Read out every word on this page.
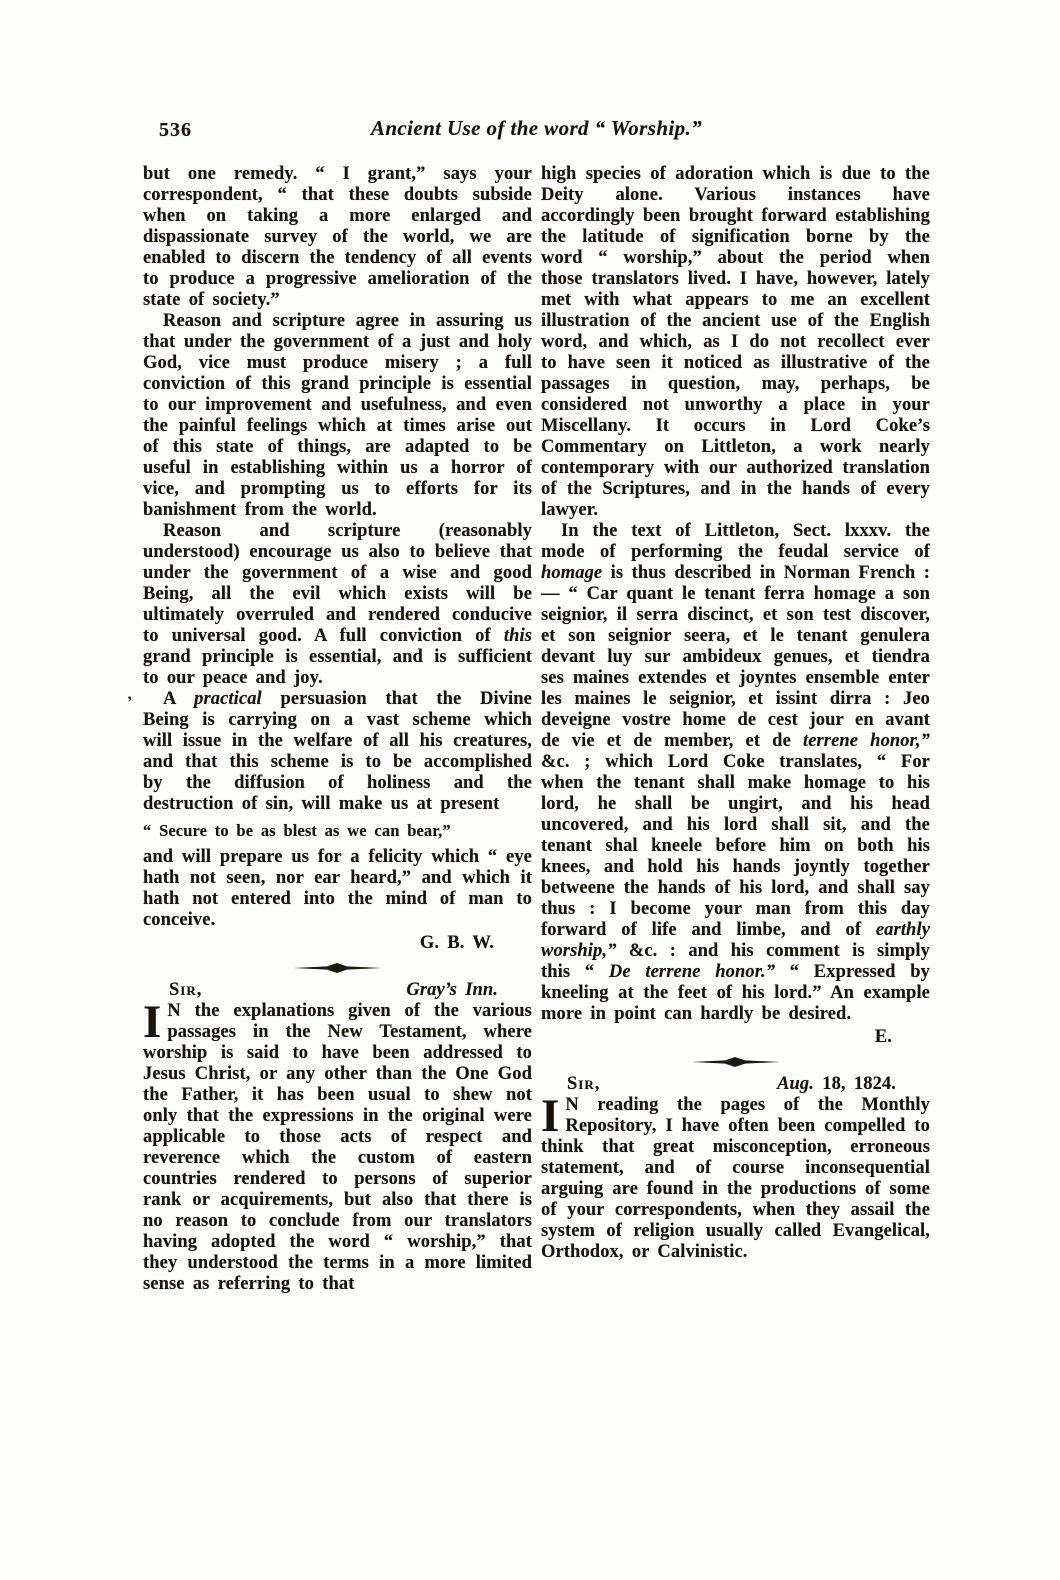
’
536	Ancient Use of the word “ Worship.”

but one remedy. “ I grant,” says your correspondent, “ that these doubts subside when on taking a more enlarged and dispassionate survey of the world, we are enabled to discern the tendency of all events to produce a progressive amelioration of the state of society.”

Reason and scripture agree in assuring us that under the government of a just and holy God, vice must produce misery ; a full conviction of this grand principle is essential to our improvement and usefulness, and even the painful feelings which at times arise out of this state of things, are adapted to be useful in establishing within us a horror of vice, and prompting us to efforts for its banishment from the world.

Reason and scripture (reasonably understood) encourage us also to believe that under the government of a wise and good Being, all the evil which exists will be ultimately overruled and rendered conducive to universal good. A full conviction of this grand principle is essential, and is sufficient to our peace and joy.

A practical persuasion that the Divine Being is carrying on a vast scheme which will issue in the welfare of all his creatures, and that this scheme is to be accomplished by the diffusion of holiness and the destruction of sin, will make us at present

“ Secure to be as blest as we can bear,”

and will prepare us for a felicity which “ eye hath not seen, nor ear heard,” and which it hath not entered into the mind of man to conceive.

G. B. W.
Sir,	Gray’s Inn.

I N the explanations given of the various passages in the New Testament, where worship is said to have been addressed to Jesus Christ, or any other than the One God the Father, it has been usual to shew not only that the expressions in the original were applicable to those acts of respect and reverence which the custom of eastern countries rendered to persons of superior rank or acquirements, but also that there is no reason to conclude from our translators having adopted the word “ worship,” that they understood the terms in a more limited sense as referring to that

high species of adoration which is due to the Deity alone. Various instances have accordingly been brought forward establishing the latitude of signification borne by the word “ worship,” about the period when those translators lived. I have, however, lately met with what appears to me an excellent illustration of the ancient use of the English word, and which, as I do not recollect ever to have seen it noticed as illustrative of the passages in question, may, perhaps, be considered not unworthy a place in your Miscellany. It occurs in Lord Coke’s Commentary on Littleton, a work nearly contemporary with our authorized translation of the Scriptures, and in the hands of every lawyer.

In the text of Littleton, Sect. lxxxv. the mode of performing the feudal service of homage is thus described in Norman French :— “ Car quant le tenant ferra homage a son seignior, il serra discinct, et son test discover, et son seignior seera, et le tenant genulera devant luy sur ambideux genues, et tiendra ses maines extendes et joyntes ensemble enter les maines le seignior, et issint dirra : Jeo deveigne vostre home de cest jour en avant de vie et de member, et de terrene honor,” &c. ; which Lord Coke translates, “ For when the tenant shall make homage to his lord, he shall be ungirt, and his head uncovered, and his lord shall sit, and the tenant shal kneele before him on both his knees, and hold his hands joyntly together betweene the hands of his lord, and shall say thus : I become your man from this day forward of life and limbe, and of earthly worship,” &c. : and his comment is simply this “ De terrene honor.” “ Expressed by kneeling at the feet of his lord.” An example more in point can hardly be desired.

E.
Sir,	Aug. 18, 1824.

I N reading the pages of the Monthly Repository, I have often been compelled to think that great misconception, erroneous statement, and of course inconsequential arguing are found in the productions of some of your correspondents, when they assail the system of religion usually called Evangelical, Orthodox, or Calvinistic.
